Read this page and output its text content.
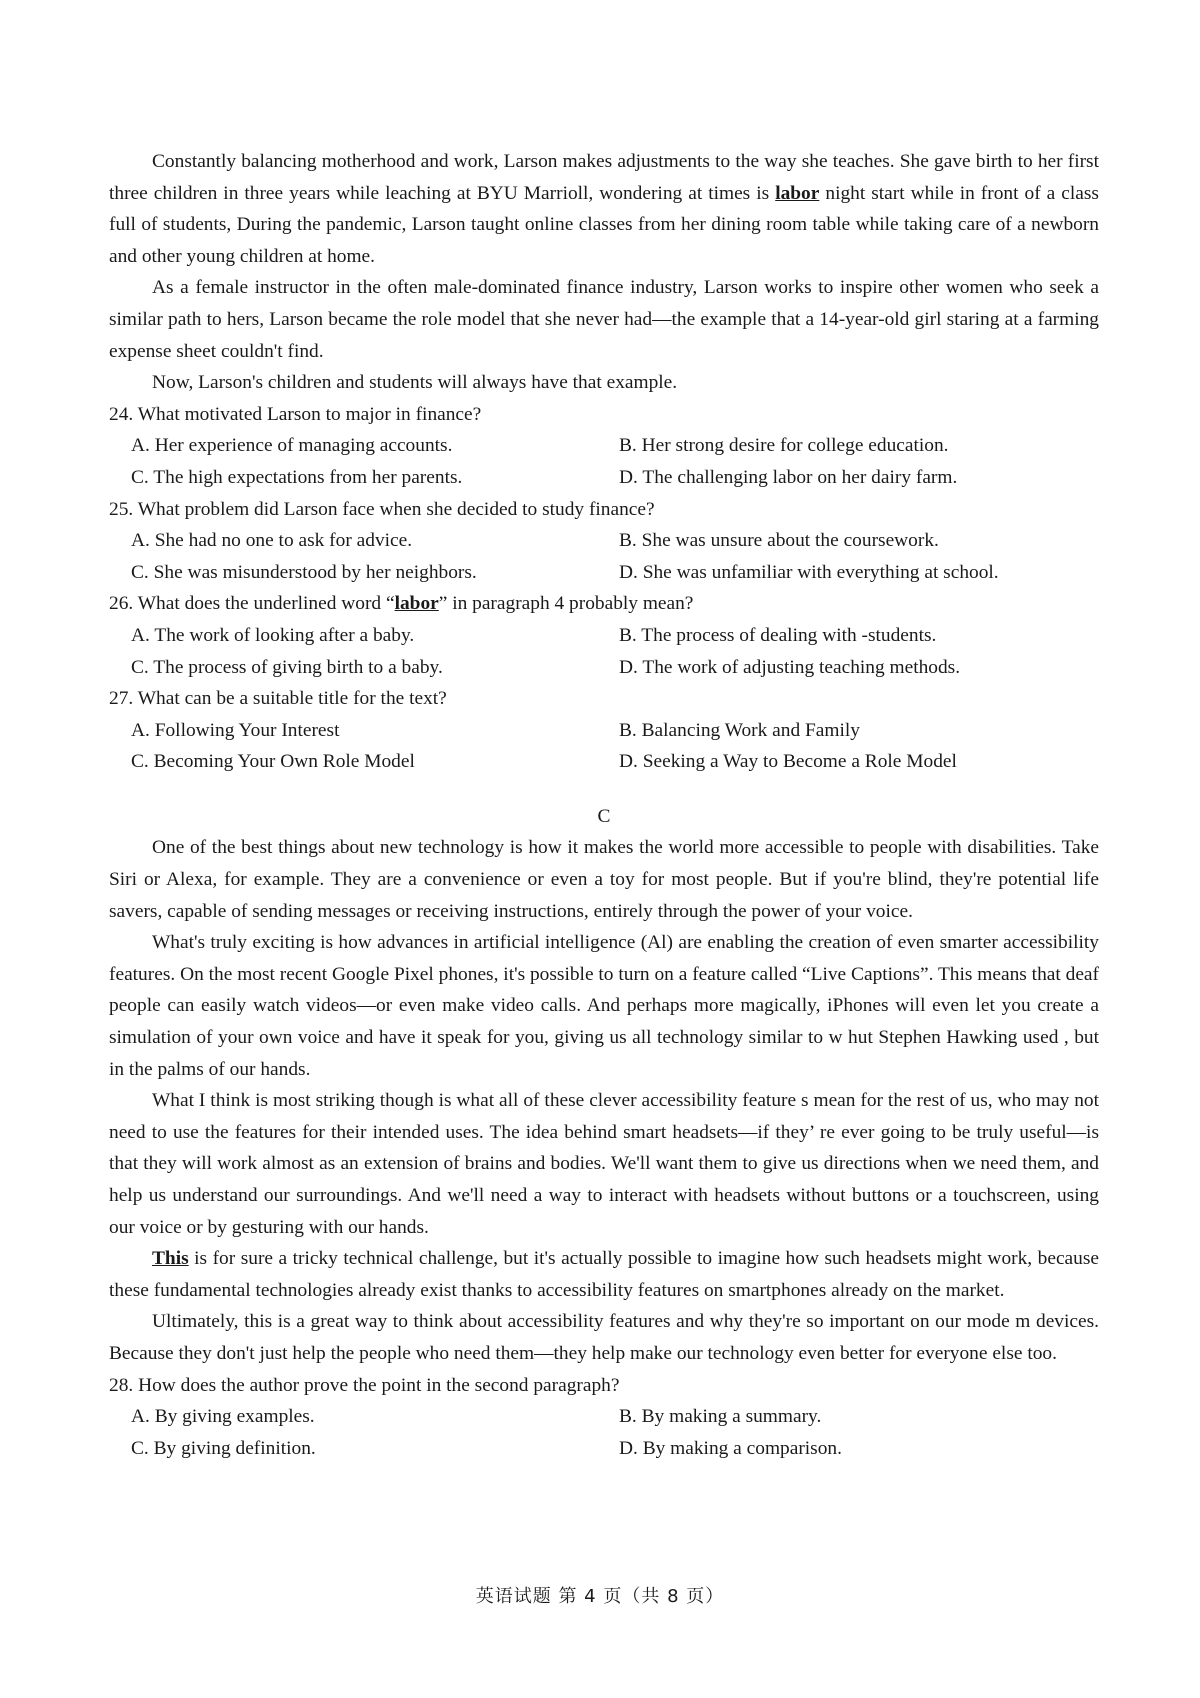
Constantly balancing motherhood and work, Larson makes adjustments to the way she teaches. She gave birth to her first three children in three years while leaching at BYU Marrioll, wondering at times is labor night start while in front of a class full of students, During the pandemic, Larson taught online classes from her dining room table while taking care of a newborn and other young children at home.

As a female instructor in the often male-dominated finance industry, Larson works to inspire other women who seek a similar path to hers, Larson became the role model that she never had—the example that a 14-year-old girl staring at a farming expense sheet couldn't find.

Now, Larson's children and students will always have that example.

24. What motivated Larson to major in finance?

A. Her experience of managing accounts.	B. Her strong desire for college education.

C. The high expectations from her parents.	D. The challenging labor on her dairy farm.

25. What problem did Larson face when she decided to study finance?

A. She had no one to ask for advice.	B. She was unsure about the coursework.

C. She was misunderstood by her neighbors.	D. She was unfamiliar with everything at school.

26. What does the underlined word “labor” in paragraph 4 probably mean?

A. The work of looking after a baby.	B. The process of dealing with -students.

C. The process of giving birth to a baby.	D. The work of adjusting teaching methods.

27. What can be a suitable title for the text?

A. Following Your Interest	B. Balancing Work and Family

C. Becoming Your Own Role Model	D. Seeking a Way to Become a Role Model

C

One of the best things about new technology is how it makes the world more accessible to people with disabilities. Take Siri or Alexa, for example. They are a convenience or even a toy for most people. But if you're blind, they're potential life savers, capable of sending messages or receiving instructions, entirely through the power of your voice.

What's truly exciting is how advances in artificial intelligence (Al) are enabling the creation of even smarter accessibility features. On the most recent Google Pixel phones, it's possible to turn on a feature called “Live Captions”. This means that deaf people can easily watch videos—or even make video calls. And perhaps more magically, iPhones will even let you create a simulation of your own voice and have it speak for you, giving us all technology similar to w hut Stephen Hawking used , but in the palms of our hands.

What I think is most striking though is what all of these clever accessibility feature s mean for the rest of us, who may not need to use the features for their intended uses. The idea behind smart headsets—if they’ re ever going to be truly useful—is that they will work almost as an extension of brains and bodies. We'll want them to give us directions when we need them, and help us understand our surroundings. And we'll need a way to interact with headsets without buttons or a touchscreen, using our voice or by gesturing with our hands.

This is for sure a tricky technical challenge, but it's actually possible to imagine how such headsets might work, because these fundamental technologies already exist thanks to accessibility features on smartphones already on the market.

Ultimately, this is a great way to think about accessibility features and why they're so important on our mode m devices. Because they don't just help the people who need them—they help make our technology even better for everyone else too.

28. How does the author prove the point in the second paragraph?

A. By giving examples.	B. By making a summary.

C. By giving definition.	D. By making a comparison.

英语试题 第 4 页（共 8 页）
